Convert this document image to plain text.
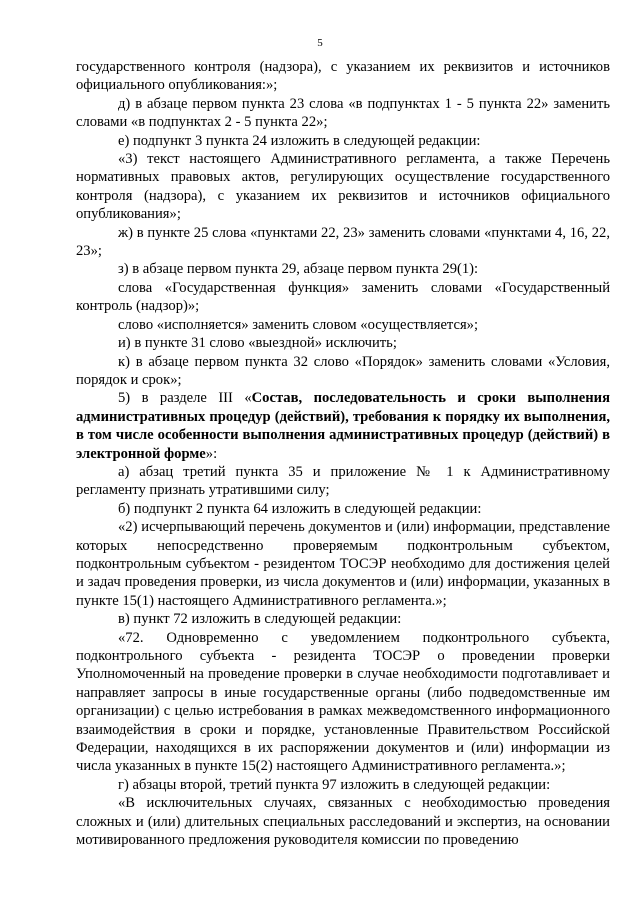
5

государственного контроля (надзора), с указанием их реквизитов и источников официального опубликования:»;

д) в абзаце первом пункта 23 слова «в подпунктах 1 - 5 пункта 22» заменить словами «в подпунктах 2 - 5 пункта 22»;

е) подпункт 3 пункта 24 изложить в следующей редакции:

«3) текст настоящего Административного регламента, а также Перечень нормативных правовых актов, регулирующих осуществление государственного контроля (надзора), с указанием их реквизитов и источников официального опубликования»;

ж) в пункте 25 слова «пунктами 22, 23» заменить словами «пунктами 4, 16, 22, 23»;

з) в абзаце первом пункта 29, абзаце первом пункта 29(1):

слова «Государственная функция» заменить словами «Государственный контроль (надзор)»;

слово «исполняется» заменить словом «осуществляется»;

и) в пункте 31 слово «выездной» исключить;

к) в абзаце первом пункта 32 слово «Порядок» заменить словами «Условия, порядок и срок»;

5) в разделе III «Состав, последовательность и сроки выполнения административных процедур (действий), требования к порядку их выполнения, в том числе особенности выполнения административных процедур (действий) в электронной форме»:

а) абзац третий пункта 35 и приложение № 1 к Административному регламенту признать утратившими силу;

б) подпункт 2 пункта 64 изложить в следующей редакции:

«2) исчерпывающий перечень документов и (или) информации, представление которых непосредственно проверяемым подконтрольным субъектом, подконтрольным субъектом - резидентом ТОСЭР необходимо для достижения целей и задач проведения проверки, из числа документов и (или) информации, указанных в пункте 15(1) настоящего Административного регламента.»;

в) пункт 72 изложить в следующей редакции:

«72. Одновременно с уведомлением подконтрольного субъекта, подконтрольного субъекта - резидента ТОСЭР о проведении проверки Уполномоченный на проведение проверки в случае необходимости подготавливает и направляет запросы в иные государственные органы (либо подведомственные им организации) с целью истребования в рамках межведомственного информационного взаимодействия в сроки и порядке, установленные Правительством Российской Федерации, находящихся в их распоряжении документов и (или) информации из числа указанных в пункте 15(2) настоящего Административного регламента.»;

г) абзацы второй, третий пункта 97 изложить в следующей редакции:

«В исключительных случаях, связанных с необходимостью проведения сложных и (или) длительных специальных расследований и экспертиз, на основании мотивированного предложения руководителя комиссии по проведению
